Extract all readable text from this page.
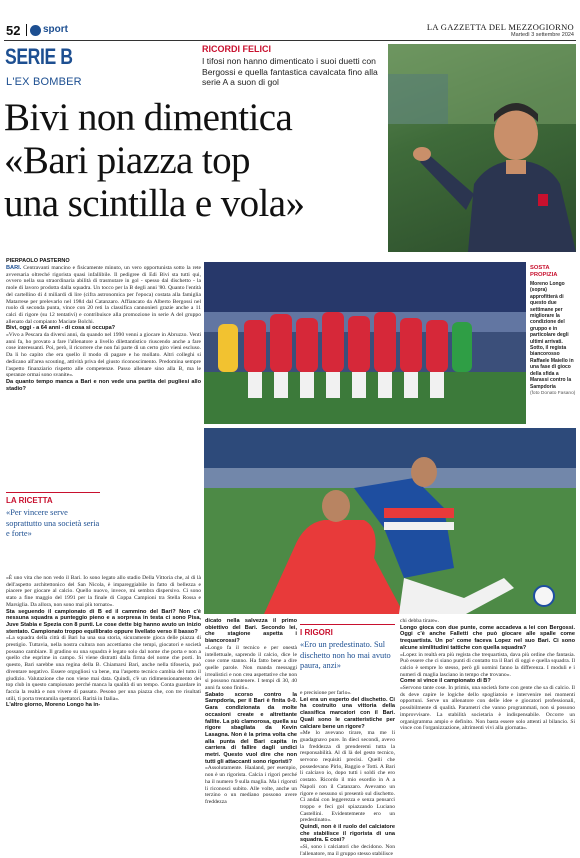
52 sport	LA GAZZETTA DEL MEZZOGIORNO
Martedì 3 settembre 2024
SERIE B
L'EX BOMBER
RICORDI FELICI
I tifosi non hanno dimenticato i suoi duetti con Bergossi e quella fantastica cavalcata fino alla serie A a suon di gol
Bivi non dimentica
«Bari piazza top
una scintilla e vola»
PIERPAOLO PASTERNO
SOSTA PROPIZIA
Moreno Longo (sopra) approfitterà di questo due settimane per migliorare la condizione del gruppo e in particolare degli ultimi arrivati. Sotto, il regista biancorosso Raffaele Maiello in una fase di gioco della sfida a Marassi contro la Sampdoria
(foto Donato Fasano)
LA RICETTA
«Per vincere serve soprattutto una società seria e forte»
I RIGORI
«Ero un predestinato. Sul dischetto non ho mai avuto paura, anzi»

BARI. Centravanti mancino e fisicamente minuto, un vero opportunista sotto la rete avversaria oltreché rigorista quasi infallibile. Il pedigree di Edi Bivi sta tutti qui, ovvero nella sua straordinaria abilità di trasmutare in gol - spesso dal dischetto - la mole di lavoro prodotta dalla squadra. Un tocco per la B degli anni '80. Quanto l'entità del cartellino di 4 miliardi di lire (cifra astronomica per l'epoca) costata alla famiglia Matarrese per prelevarlo nel 1984 dal Catanzaro. Affiancato da Alberto Bergossi nel ruolo di seconda punta, vince con 20 reti la classifica cannonieri grazie anche a 11 calci di rigore (su 12 tentativi) e contribuisce alla promozione in serie A del gruppo allenato dal compianto Maciate Bolchi.

Bivi, oggi - a 64 anni - di cosa si occupa?

«Vivo a Pescara da diversi anni, da quando nel 1990 venni a giocare in Abruzzo. Venti anni fa, ho provato a fare l'allenatore a livello dilettantistico riuscendo anche a fare cose interessanti. Poi, però, il ricorrere che non fai parte di un certo giro vieni escluso. Da lì ho capito che era quello il modo di pagare e ho mollato. Altri colleghi si dedicano all'area scouting, attività priva del giusto riconoscimento. Predomina sempre l'aspetto finanziario rispetto alle competenze. Passo allenare sino alla B, ma le speranze ormai sono svanite».

Da quanto tempo manca a Bari e non vede una partita dei pugliesi allo stadio?

«È uno vita che non vedo il Bari. Io sono legato allo stadio Della Vittoria che, al di là dell'aspetto architettonico del San Nicola, è impareggiabile in fatto di bellezza e piacere per giocare al calcio. Quello nuovo, invece, mi sembra dispersivo. Ci sono stato a fine maggio del 1991 per la finale di Coppa Campioni tra Stella Rossa e Marsiglia. Da allora, non sono mai più tornato».

Sta seguendo il campionato di B ed il cammino del Bari? Non c'è nessuna squadra a punteggio pieno e a sorpresa in testa ci sono Pisa, Juve Stabia e Spezia con 8 punti. Le cose dette big hanno avuto un inizio stentato. Campionato troppo equilibrato oppure livellato verso il basso?

«La squadra della città di Bari ha una sua storia, sicuramente gioca delle piazza di prestigio. Tuttavia, nella nostra cultura non accettiamo che tempi, giocatori e società possano cambiare. Il gradino su una squadra è legato solo dal nome che porta e non a quello che esprime in campo. Si viene distratti dalla firma del nome che porti. In questo, Bari sarebbe una regina della B. Chiamarsi Bari, anche nella tifoseria, può diventare negativo. Essere orgogliosi va bene, ma l'aspetto tecnico cambia del tutto il giudizio. Valutazione che non viene mai data. Quindi, c'è un ridimensionamento dei top club in questo campionato perché manca la qualità di un tempo. Conta guardare in faccia la realtà e non vivere di passato. Pesono per una piazza che, con tre risultati utili, ti porta trentamila spettatori. Raritá in Italia».

L'altro giorno, Moreno Longo ha in-

dicato nella salvezza il primo obiettivo del Bari. Secondo lei, che stagione aspetta i biancorossi?

«Longo fa il tecnico e per onestà intellettuale, saprendo il calcio, dice le cose come stanno. Ha fatto bene a dire quelle parole. Non manda messaggi irrealistici e non crea aspettative che non si possono mantenere. I tempi di 30, 40 anni fa sono finiti».

Sabato scorso contro la Sampdoria, per il Bari è finita 0-0. Gara condizionata da molte occasioni create e altrettante fallite. La più clamorosa, quella su rigore sbagliata da Kevin Lasagna. Non è la prima volta che alla punta del Bari capita in carriera di fallire dagli undici metri. Questo vuol dire che non tutti gli attaccanti sono rigoristi?

«Assolutamente. Haaland, per esempio, non è un rigorista. Calcia i rigori perché ha il numero 9 sulla maglia. Ma i rigorsti li riconosci subito. Alle volte, anche un terzino o un mediano possono avere freddezza

e precisione per farlo».

Lei era un esperto del dischetto. Ci ha costruito una vittoria della classifica marcatori con il Bari. Quali sono le caratteristiche per calciare bene un rigore?

«Me lo avevano tirare, ma me li guadagnavo pure. In dieci secondi, avevo la freddezza di prenderemi tutta la responsabilità. Al di là del gesto tecnico, servono requisiti precisi. Quelli che possedevano Pirlo, Baggio e Totti. A Bari li calciavo io, dopo tutti i soldi che ero costato. Ricordo il mio esordio in A a Napoli con il Catanzaro. Avevamo un rigore e nessuno si presentò sul dischetto. Ci andai con leggerezza e senza pensarci troppo e feci gol spiazzando Luciano Castellini. Evidentemente ero un predestinato».

Quindi, non è il ruolo del calciatore che stabilisce il rigorista di una squadra. E così?

«Sì, sono i calciatori che decidono. Non l'allenatore, ma il gruppo stesso stabilisce

chi debba tirare».

Longo gioca con due punte, come accadeva a lei con Bergossi. Oggi c'è anche Falletti che può giocare alle spalle come trequartista. Un po' come faceva Lopez nel suo Bari. Ci sono alcune similitudini tattiche con quella squadra?

«Lopez in realtà era più regista che trequartista, dava più ordine che fantasia. Può essere che ci siano punti di contatto tra il Bari di oggi e quella squadra. Il calcio è sempre lo stesso, però gli uomini fanno la differenza. I moduli e i numeri di maglia lasciano in tempo che trovano».

Come si vince il campionato di B?

«Servono tante cose. In primis, una società forte con gente che sa di calcio. Il ds deve capire le logiche dello spogliatoio e intervenire nei momenti opportuni. Serve un allenatore con delle idee e giocatori professionali, possibilmente di qualità. Parametri che vanno programmati, non si possono improvvisare. La stabilità societaria è indispensabile. Occorre un organigramma ampio e definito. Non basta essere solo attenti al bilancio. Si vince con l'organizzazione, altrimenti vivi alla giornata».
